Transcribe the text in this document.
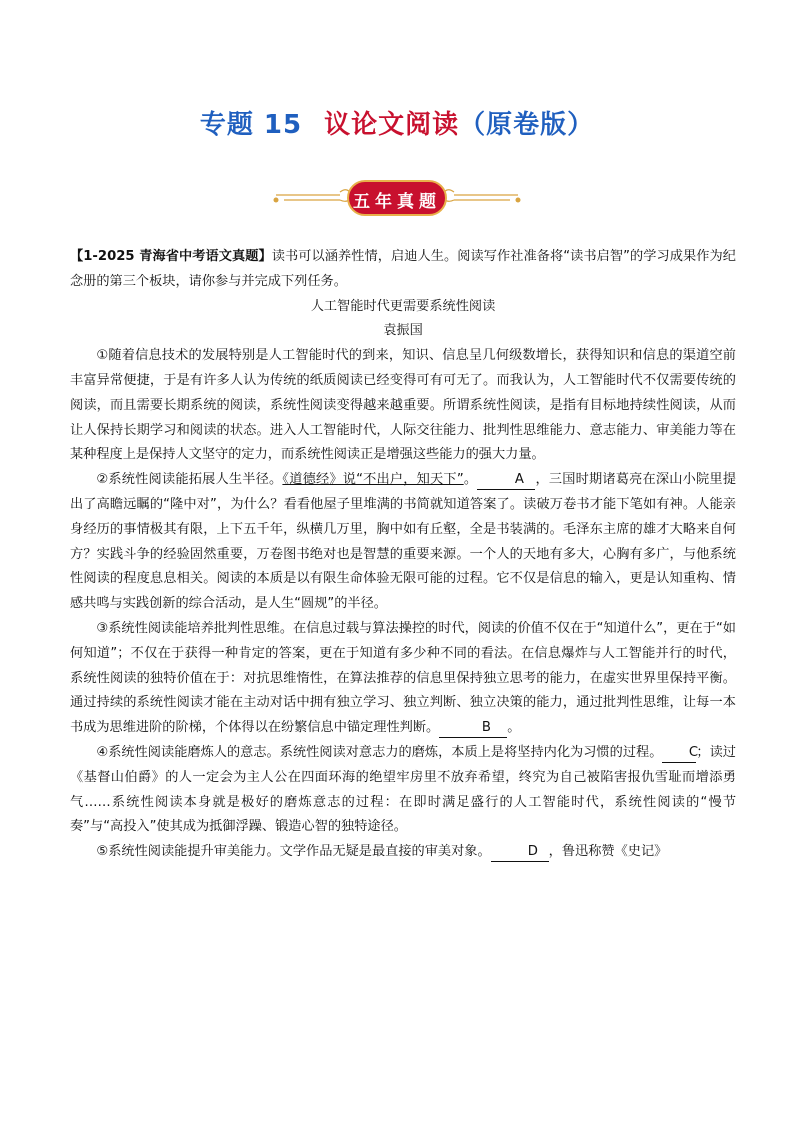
专题 15 议论文阅读（原卷版）
五年真题

【1-2025 青海省中考语文真题】读书可以涵养性情，启迪人生。阅读写作社准备将“读书启智”的学习成果作为纪念册的第三个板块，请你参与并完成下列任务。

人工智能时代更需要系统性阅读

袁振国

①随着信息技术的发展特别是人工智能时代的到来，知识、信息呈几何级数增长，获得知识和信息的渠道空前丰富异常便捷，于是有许多人认为传统的纸质阅读已经变得可有可无了。而我认为，人工智能时代不仅需要传统的阅读，而且需要长期系统的阅读，系统性阅读变得越来越重要。所谓系统性阅读，是指有目标地持续性阅读，从而让人保持长期学习和阅读的状态。进入人工智能时代，人际交往能力、批判性思维能力、意志能力、审美能力等在某种程度上是保持人文坚守的定力，而系统性阅读正是增强这些能力的强大力量。

②系统性阅读能拓展人生半径。《道德经》说“不出户，知天下”。	A ，三国时期诸葛亮在深山小院里提出了高瞻远瞩的“隆中对”，为什么？看看他屋子里堆满的书简就知道答案了。读破万卷书才能下笔如有神。人能亲身经历的事情极其有限，上下五千年，纵横几万里，胸中如有丘壑，全是书装满的。毛泽东主席的雄才大略来自何方？实践斗争的经验固然重要，万卷图书绝对也是智慧的重要来源。一个人的天地有多大，心胸有多广，与他系统性阅读的程度息息相关。阅读的本质是以有限生命体验无限可能的过程。它不仅是信息的输入，更是认知重构、情感共鸣与实践创新的综合活动，是人生“圆规”的半径。

③系统性阅读能培养批判性思维。在信息过载与算法操控的时代，阅读的价值不仅在于“知道什么”，更在于“如何知道”；不仅在于获得一种肯定的答案，更在于知道有多少种不同的看法。在信息爆炸与人工智能并行的时代，系统性阅读的独特价值在于：对抗思维惰性，在算法推荐的信息里保持独立思考的能力，在虚实世界里保持平衡。通过持续的系统性阅读才能在主动对话中拥有独立学习、独立判断、独立决策的能力，通过批判性思维，让每一本书成为思维进阶的阶梯，个体得以在纷繁信息中锚定理性判断。	B 。

④系统性阅读能磨炼人的意志。系统性阅读对意志力的磨炼，本质上是将坚持内化为习惯的过程。 C；读过《基督山伯爵》的人一定会为主人公在四面环海的绝望牢房里不放弃希望，终究为自己被陷害报仇雪耻而增添勇气……系统性阅读本身就是极好的磨炼意志的过程：在即时满足盛行的人工智能时代，系统性阅读的“慢节奏”与“高投入”使其成为抵御浮躁、锻造心智的独特途径。

⑤系统性阅读能提升审美能力。文学作品无疑是最直接的审美对象。	D ，鲁迅称赞《史记》
